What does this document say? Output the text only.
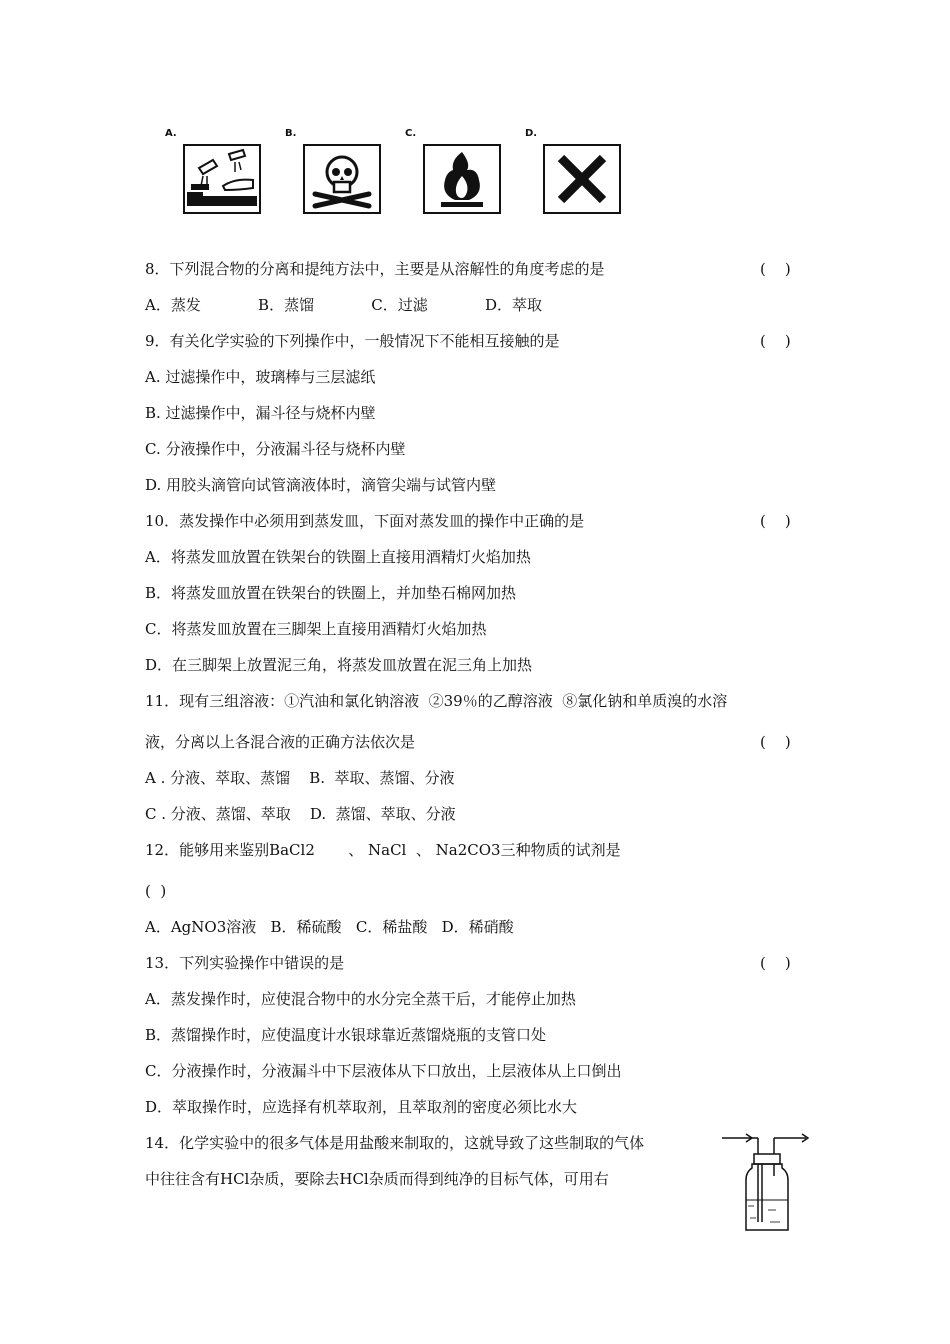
A.	B.	C.	D.
8．下列混合物的分离和提纯方法中，主要是从溶解性的角度考虑的是	(    )
A．蒸发            B．蒸馏            C．过滤            D．萃取
9．有关化学实验的下列操作中，一般情况下不能相互接触的是	(    )
A. 过滤操作中，玻璃棒与三层滤纸
B. 过滤操作中，漏斗径与烧杯内壁
C. 分液操作中，分液漏斗径与烧杯内壁
D. 用胶头滴管向试管滴液体时，滴管尖端与试管内壁
10．蒸发操作中必须用到蒸发皿，下面对蒸发皿的操作中正确的是	(    )
A．将蒸发皿放置在铁架台的铁圈上直接用酒精灯火焰加热
B．将蒸发皿放置在铁架台的铁圈上，并加垫石棉网加热
C．将蒸发皿放置在三脚架上直接用酒精灯火焰加热
D．在三脚架上放置泥三角，将蒸发皿放置在泥三角上加热
11．现有三组溶液：①汽油和氯化钠溶液  ②39％的乙醇溶液  ⑧氯化钠和单质溴的水溶
液，分离以上各混合液的正确方法依次是	(    )
A . 分液、萃取、蒸馏    B.  萃取、蒸馏、分液
C . 分液、蒸馏、萃取    D.  蒸馏、萃取、分液
12．能够用来鉴别BaCl2       、 NaCl  、 Na2CO3三种物质的试剂是
(  )
A．AgNO3溶液   B．稀硫酸   C．稀盐酸   D．稀硝酸
13．下列实验操作中错误的是	(    )
A．蒸发操作时，应使混合物中的水分完全蒸干后，才能停止加热
B．蒸馏操作时，应使温度计水银球靠近蒸馏烧瓶的支管口处
C．分液操作时，分液漏斗中下层液体从下口放出，上层液体从上口倒出
D．萃取操作时，应选择有机萃取剂，且萃取剂的密度必须比水大
14．化学实验中的很多气体是用盐酸来制取的，这就导致了这些制取的气体
中往往含有HCl杂质，要除去HCl杂质而得到纯净的目标气体，可用右
